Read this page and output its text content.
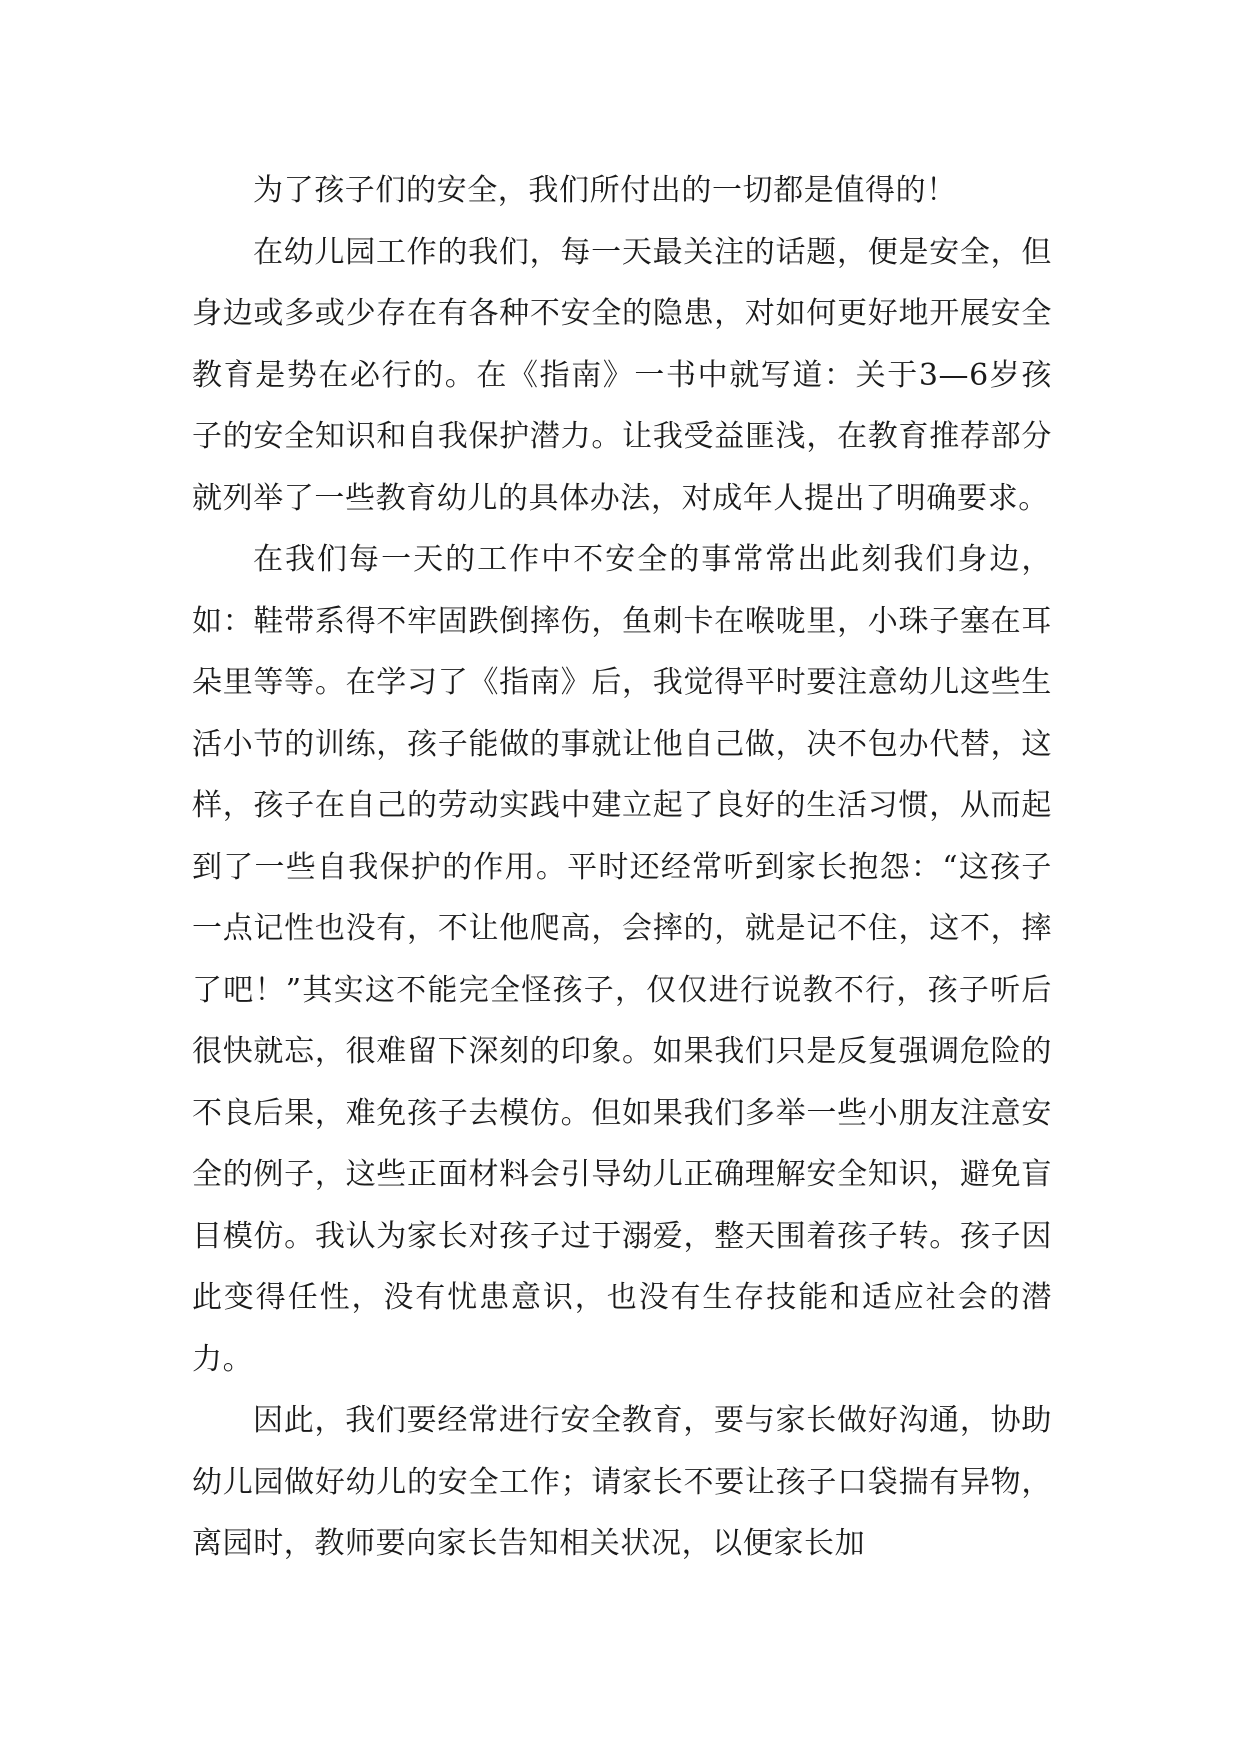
为了孩子们的安全，我们所付出的一切都是值得的！

在幼儿园工作的我们，每一天最关注的话题，便是安全，但身边或多或少存在有各种不安全的隐患，对如何更好地开展安全教育是势在必行的。在《指南》一书中就写道：关于3—6岁孩子的安全知识和自我保护潜力。让我受益匪浅，在教育推荐部分就列举了一些教育幼儿的具体办法，对成年人提出了明确要求。

在我们每一天的工作中不安全的事常常出此刻我们身边，如：鞋带系得不牢固跌倒摔伤，鱼刺卡在喉咙里，小珠子塞在耳朵里等等。在学习了《指南》后，我觉得平时要注意幼儿这些生活小节的训练，孩子能做的事就让他自己做，决不包办代替，这样，孩子在自己的劳动实践中建立起了良好的生活习惯，从而起到了一些自我保护的作用。平时还经常听到家长抱怨：“这孩子一点记性也没有，不让他爬高，会摔的，就是记不住，这不，摔了吧！”其实这不能完全怪孩子，仅仅进行说教不行，孩子听后很快就忘，很难留下深刻的印象。如果我们只是反复强调危险的不良后果，难免孩子去模仿。但如果我们多举一些小朋友注意安全的例子，这些正面材料会引导幼儿正确理解安全知识，避免盲目模仿。我认为家长对孩子过于溺爱，整天围着孩子转。孩子因此变得任性，没有忧患意识，也没有生存技能和适应社会的潜力。

因此，我们要经常进行安全教育，要与家长做好沟通，协助幼儿园做好幼儿的安全工作；请家长不要让孩子口袋揣有异物，离园时，教师要向家长告知相关状况，以便家长加
